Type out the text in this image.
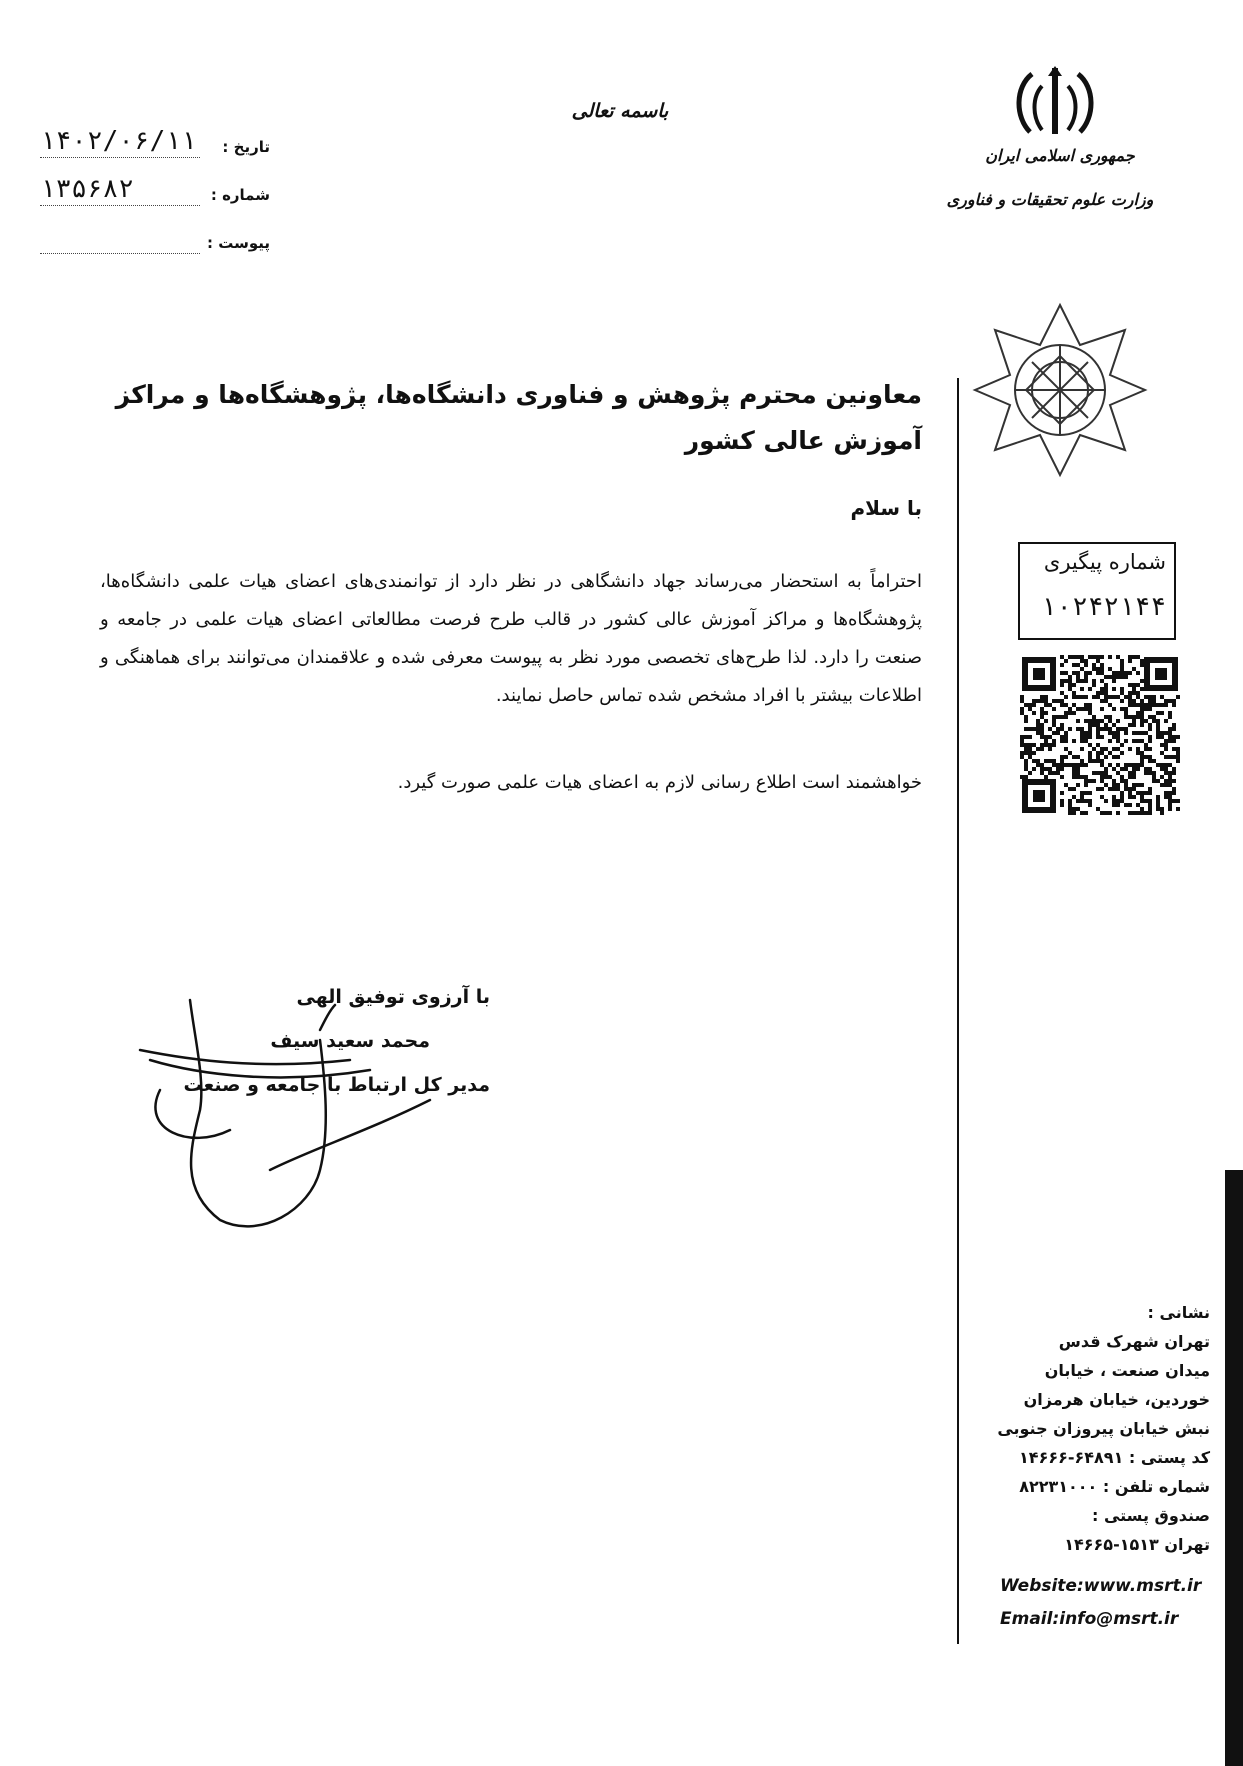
باسمه تعالی
تاریخ :
۱۴۰۲/۰۶/۱۱
شماره :
۱۳۵۶۸۲
پیوست :
جمهوری اسلامی ایران
وزارت علوم تحقیقات و فناوری
معاونین محترم پژوهش و فناوری دانشگاه‌ها، پژوهشگاه‌ها و مراکز آموزش عالی کشور
با سلام
احتراماً به استحضار می‌رساند جهاد دانشگاهی در نظر دارد از توانمندی‌های اعضای هیات علمی دانشگاه‌ها، پژوهشگاه‌ها و مراکز آموزش عالی کشور در قالب طرح فرصت مطالعاتی اعضای هیات علمی در جامعه و صنعت را دارد. لذا طرح‌های تخصصی مورد نظر به پیوست معرفی شده و علاقمندان می‌توانند برای هماهنگی و اطلاعات بیشتر با افراد مشخص شده تماس حاصل نمایند.
خواهشمند است اطلاع رسانی لازم به اعضای هیات علمی صورت گیرد.
با آرزوی توفیق الهی
محمد سعید سیف
مدیر کل ارتباط با جامعه و صنعت
شماره پیگیری
۱۰۲۴۲۱۴۴
نشانی :
تهران شهرک قدس
میدان صنعت ، خیابان
خوردین، خیابان هرمزان
نبش خیابان پیروزان جنوبی
کد پستی : ۶۴۸۹۱-۱۴۶۶۶
شماره تلفن : ۸۲۲۳۱۰۰۰
صندوق پستی :
تهران ۱۵۱۳-۱۴۶۶۵
Website:www.msrt.ir
Email:info@msrt.ir
